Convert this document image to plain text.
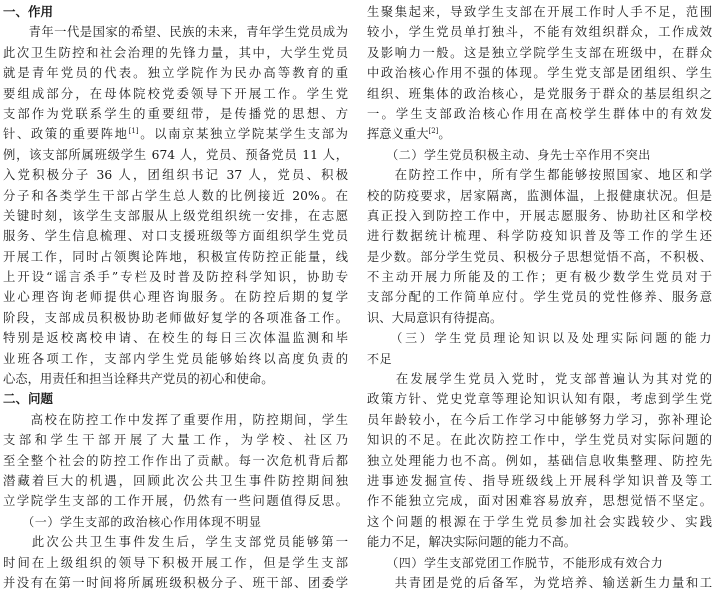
一、作用
　　青年一代是国家的希望、民族的未来，青年学生党员成为
此次卫生防控和社会治理的先锋力量，其中，大学生党员
就是青年党员的代表。独立学院作为民办高等教育的重
要组成部分，在母体院校党委领导下开展工作。学生党
支部作为党联系学生的重要纽带，是传播党的思想、方
针、政策的重要阵地[1]。以南京某独立学院某学生支部为
例，该支部所属班级学生 674 人，党员、预备党员 11 人，
入党积极分子 36 人，团组织书记 37 人，党员、积极
分子和各类学生干部占学生总人数的比例接近 20%。在
关键时刻，该学生支部服从上级党组织统一安排，在志愿
服务、学生信息梳理、对口支援班级等方面组织学生党员
开展工作，同时占领舆论阵地，积极宣传防控正能量，线
上开设“谣言杀手”专栏及时普及防控科学知识，协助专
业心理咨询老师提供心理咨询服务。在防控后期的复学
阶段，支部成员积极协助老师做好复学的各项准备工作。
特别是返校离校申请、在校生的每日三次体温监测和毕
业班各项工作，支部内学生党员能够始终以高度负责的
心态，用责任和担当诠释共产党员的初心和使命。
二、问题
　　高校在防控工作中发挥了重要作用，防控期间，学生
支部和学生干部开展了大量工作，为学校、社区乃
至全整个社会的防控工作作出了贡献。每一次危机背后都
潜藏着巨大的机遇，回顾此次公共卫生事件防控期间独
立学院学生支部的工作开展，仍然有一些问题值得反思。
　　（一）学生支部的政治核心作用体现不明显
　　此次公共卫生事件发生后，学生支部党员能够第一
时间在上级组织的领导下积极开展工作，但是学生支部
并没有在第一时间将所属班级积极分子、班干部、团委学
生聚集起来，导致学生支部在开展工作时人手不足，范围
较小，学生党员单打独斗，不能有效组织群众，工作成效
及影响力一般。这是独立学院学生支部在班级中，在群众
中政治核心作用不强的体现。学生党支部是团组织、学生
组织、班集体的政治核心，是党服务于群众的基层组织之
一。学生支部政治核心作用在高校学生群体中的有效发
挥意义重大[2]。
　　（二）学生党员积极主动、身先士卒作用不突出
　　在防控工作中，所有学生都能够按照国家、地区和学
校的防疫要求，居家隔离，监测体温，上报健康状况。但是
真正投入到防控工作中，开展志愿服务、协助社区和学校
进行数据统计梳理、科学防疫知识普及等工作的学生还
是少数。部分学生党员、积极分子思想觉悟不高，不积极、
不主动开展力所能及的工作；更有极少数学生党员对于
支部分配的工作简单应付。学生党员的党性修养、服务意
识、大局意识有待提高。
　　（三）学生党员理论知识以及处理实际问题的能力
不足
　　在发展学生党员入党时，党支部普遍认为其对党的
政策方针、党史党章等理论知识认知有限，考虑到学生党
员年龄较小，在今后工作学习中能够努力学习，弥补理论
知识的不足。在此次防控工作中，学生党员对实际问题的
独立处理能力也不高。例如，基础信息收集整理、防控先
进事迹发掘宣传、指导班级线上开展科学知识普及等工
作不能独立完成，面对困难容易放弃，思想觉悟不坚定。
这个问题的根源在于学生党员参加社会实践较少、实践
能力不足，解决实际问题的能力不高。
　　（四）学生支部党团工作脱节，不能形成有效合力
　　共青团是党的后备军，为党培养、输送新生力量和工
